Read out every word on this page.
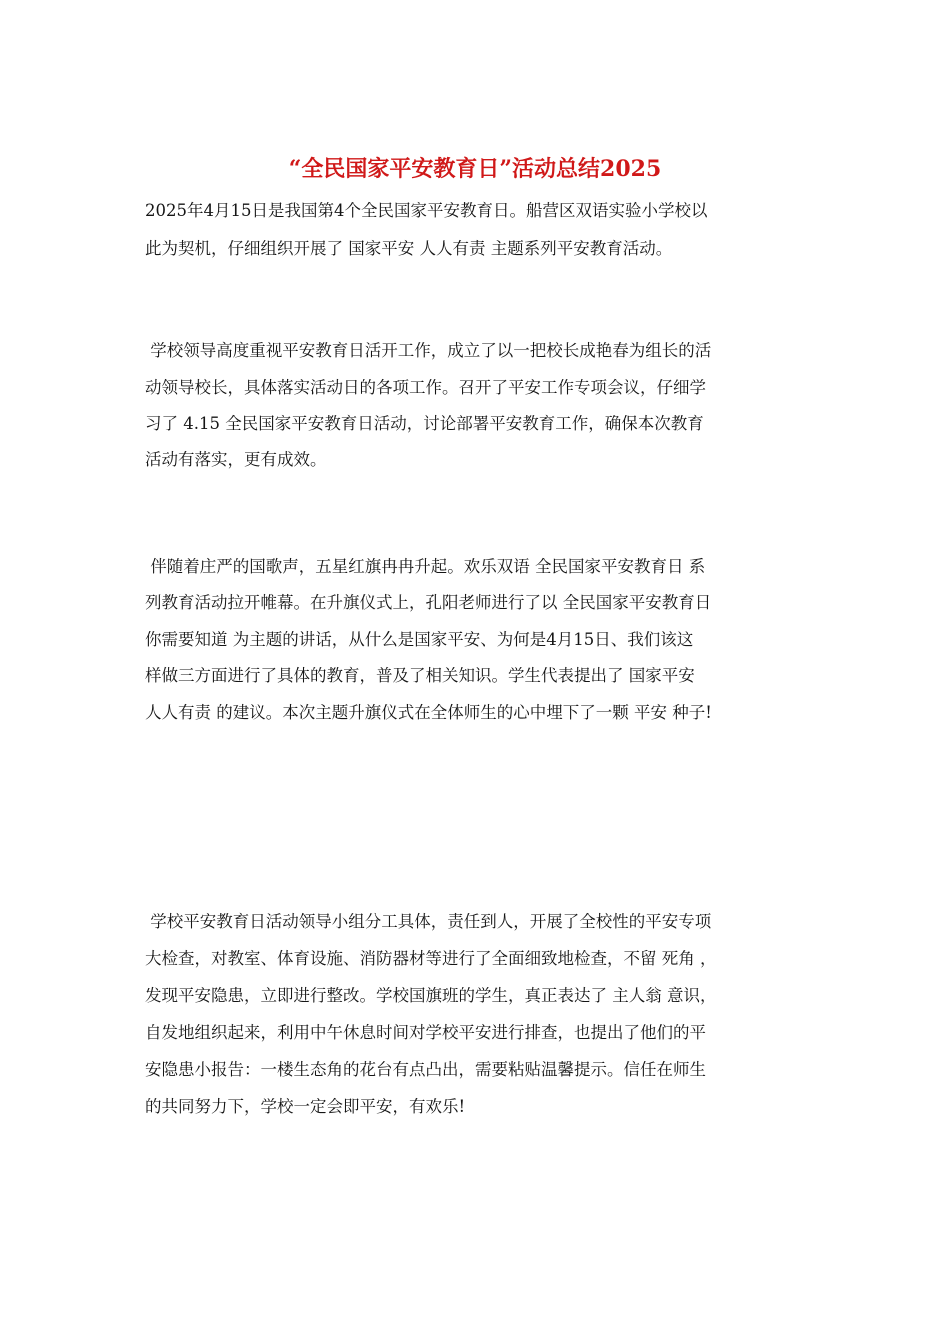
“全民国家平安教育日”活动总结2025
2025年4月15日是我国第4个全民国家平安教育日。船营区双语实验小学校以
此为契机，仔细组织开展了 国家平安 人人有责 主题系列平安教育活动。
学校领导高度重视平安教育日活开工作，成立了以一把校长成艳春为组长的活
动领导校长，具体落实活动日的各项工作。召开了平安工作专项会议，仔细学
习了 4.15 全民国家平安教育日活动，讨论部署平安教育工作，确保本次教育
活动有落实，更有成效。
伴随着庄严的国歌声，五星红旗冉冉升起。欢乐双语 全民国家平安教育日 系
列教育活动拉开帷幕。在升旗仪式上，孔阳老师进行了以 全民国家平安教育日
你需要知道 为主题的讲话，从什么是国家平安、为何是4月15日、我们该这
样做三方面进行了具体的教育，普及了相关知识。学生代表提出了 国家平安
人人有责 的建议。本次主题升旗仪式在全体师生的心中埋下了一颗 平安 种子!
学校平安教育日活动领导小组分工具体，责任到人，开展了全校性的平安专项
大检查，对教室、体育设施、消防器材等进行了全面细致地检查，不留 死角 ，
发现平安隐患，立即进行整改。学校国旗班的学生，真正表达了 主人翁 意识，
自发地组织起来，利用中午休息时间对学校平安进行排查，也提出了他们的平
安隐患小报告：一楼生态角的花台有点凸出，需要粘贴温馨提示。信任在师生
的共同努力下，学校一定会即平安，有欢乐!
